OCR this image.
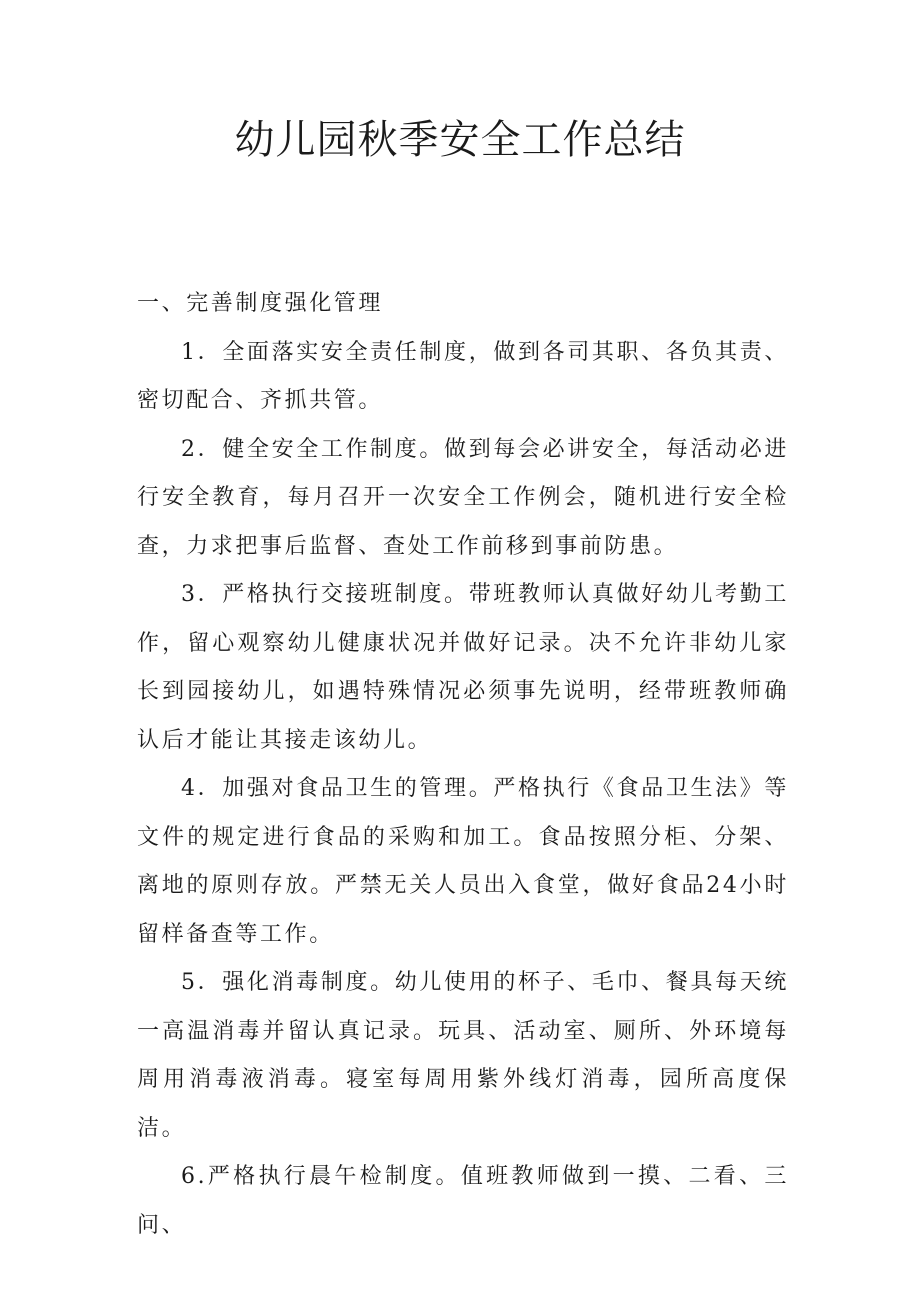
幼儿园秋季安全工作总结

一、完善制度强化管理

1．全面落实安全责任制度，做到各司其职、各负其责、密切配合、齐抓共管。

2．健全安全工作制度。做到每会必讲安全，每活动必进行安全教育，每月召开一次安全工作例会，随机进行安全检查，力求把事后监督、查处工作前移到事前防患。

3．严格执行交接班制度。带班教师认真做好幼儿考勤工作，留心观察幼儿健康状况并做好记录。决不允许非幼儿家长到园接幼儿，如遇特殊情况必须事先说明，经带班教师确认后才能让其接走该幼儿。

4．加强对食品卫生的管理。严格执行《食品卫生法》等文件的规定进行食品的采购和加工。食品按照分柜、分架、离地的原则存放。严禁无关人员出入食堂，做好食品24小时留样备查等工作。

5．强化消毒制度。幼儿使用的杯子、毛巾、餐具每天统一高温消毒并留认真记录。玩具、活动室、厕所、外环境每周用消毒液消毒。寝室每周用紫外线灯消毒，园所高度保洁。

6.严格执行晨午检制度。值班教师做到一摸、二看、三问、
